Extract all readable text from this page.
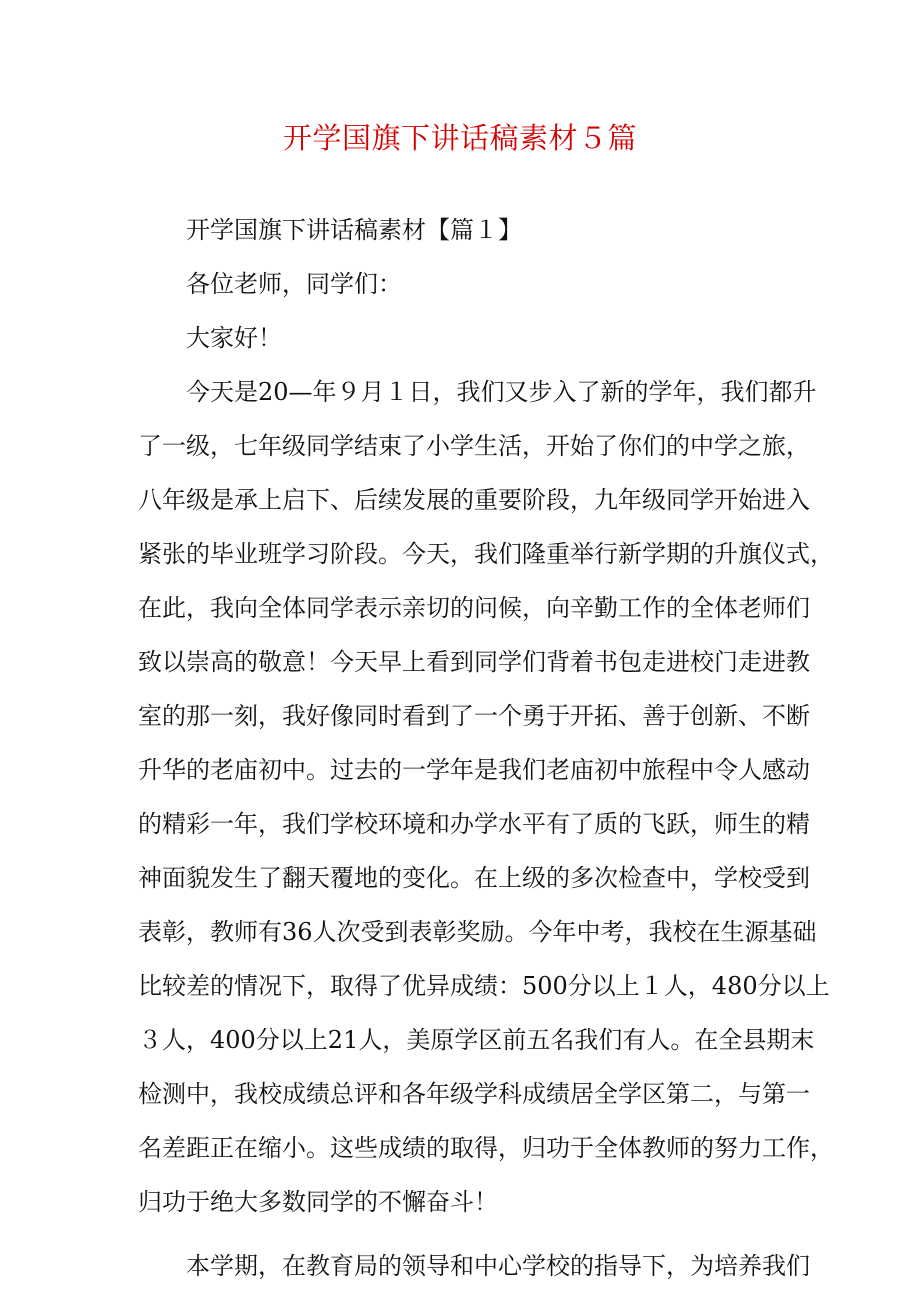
开学国旗下讲话稿素材５篇
开学国旗下讲话稿素材【篇１】
各位老师，同学们：
大家好！
今天是20—年９月１日，我们又步入了新的学年，我们都升
了一级，七年级同学结束了小学生活，开始了你们的中学之旅，
八年级是承上启下、后续发展的重要阶段，九年级同学开始进入
紧张的毕业班学习阶段。今天，我们隆重举行新学期的升旗仪式，
在此，我向全体同学表示亲切的问候，向辛勤工作的全体老师们
致以崇高的敬意！今天早上看到同学们背着书包走进校门走进教
室的那一刻，我好像同时看到了一个勇于开拓、善于创新、不断
升华的老庙初中。过去的一学年是我们老庙初中旅程中令人感动
的精彩一年，我们学校环境和办学水平有了质的飞跃，师生的精
神面貌发生了翻天覆地的变化。在上级的多次检查中，学校受到
表彰，教师有36人次受到表彰奖励。今年中考，我校在生源基础
比较差的情况下，取得了优异成绩：500分以上１人，480分以上
３人，400分以上21人，美原学区前五名我们有人。在全县期末
检测中，我校成绩总评和各年级学科成绩居全学区第二，与第一
名差距正在缩小。这些成绩的取得，归功于全体教师的努力工作，
归功于绝大多数同学的不懈奋斗！
本学期，在教育局的领导和中心学校的指导下，为培养我们
